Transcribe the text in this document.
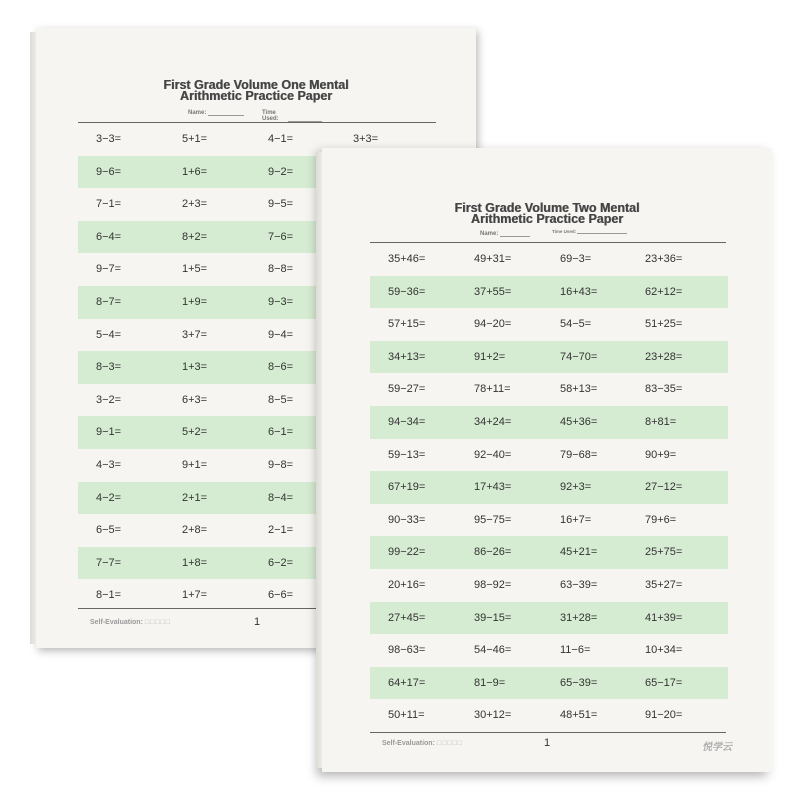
First Grade Volume One Mental
Arithmetic Practice Paper
Name:	Time Used:
3−3=	5+1=	4−1=	3+3=
9−6=	1+6=	9−2=
7−1=	2+3=	9−5=
6−4=	8+2=	7−6=
9−7=	1+5=	8−8=
8−7=	1+9=	9−3=
5−4=	3+7=	9−4=
8−3=	1+3=	8−6=
3−2=	6+3=	8−5=
9−1=	5+2=	6−1=
4−3=	9+1=	9−8=
4−2=	2+1=	8−4=
6−5=	2+8=	2−1=
7−7=	1+8=	6−2=
8−1=	1+7=	6−6=
Self-Evaluation: □□□□□	1
First Grade Volume Two Mental
Arithmetic Practice Paper
Name:	Time Used:
35+46=	49+31=	69−3=	23+36=
59−36=	37+55=	16+43=	62+12=
57+15=	94−20=	54−5=	51+25=
34+13=	91+2=	74−70=	23+28=
59−27=	78+11=	58+13=	83−35=
94−34=	34+24=	45+36=	8+81=
59−13=	92−40=	79−68=	90+9=
67+19=	17+43=	92+3=	27−12=
90−33=	95−75=	16+7=	79+6=
99−22=	86−26=	45+21=	25+75=
20+16=	98−92=	63−39=	35+27=
27+45=	39−15=	31+28=	41+39=
98−63=	54−46=	11−6=	10+34=
64+17=	81−9=	65−39=	65−17=
50+11=	30+12=	48+51=	91−20=
Self-Evaluation: □□□□□	1	悦学云
